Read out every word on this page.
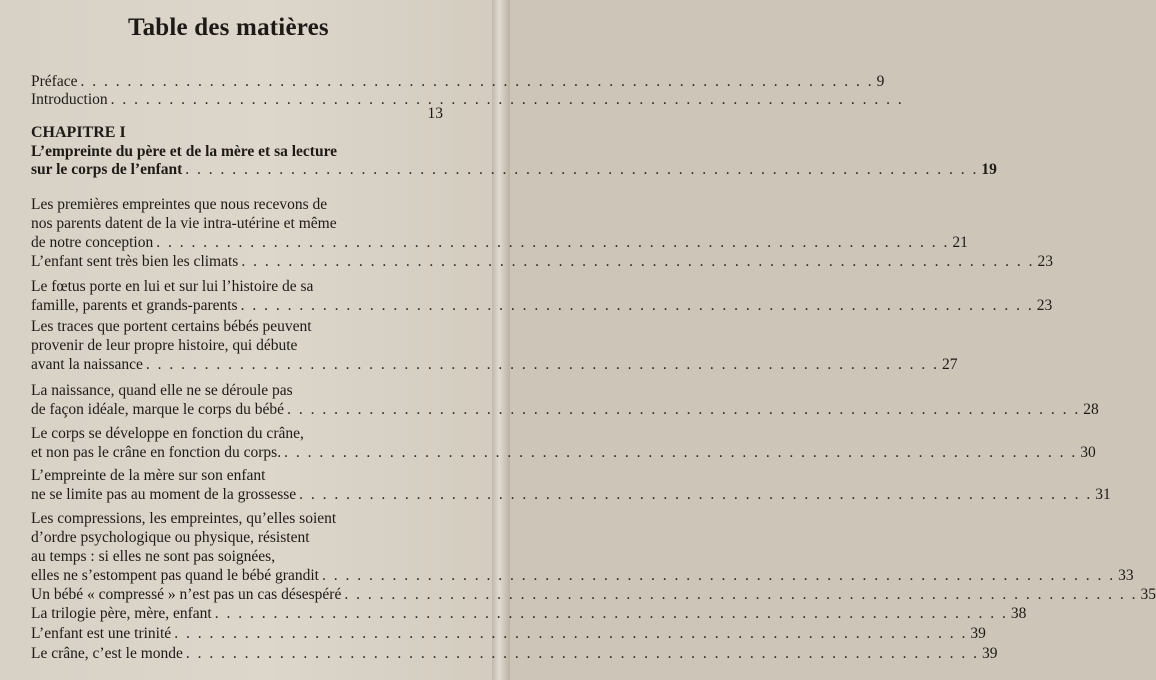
Table des matières
Préface . . . . . . . . . . . . . . . . . . . . . . . . . . . . . . . . . . . . . . . . . . . . . . . . . . . . . . . . . . . . . . . . . . . . 9
Introduction . . . . . . . . . . . . . . . . . . . . . . . . . . . . . . . . . . . . . . . . . . . . . . . . . . . . . . . . . . . . . . . . . . . .
13
CHAPITRE I
L’empreinte du père et de la mère et sa lecture
sur le corps de l’enfant . . . . . . . . . . . . . . . . . . . . . . . . . . . . . . . . . . . . . . . . . . . . . . . . . . . . . . . . . . . . . . . . . . . . 19
Les premières empreintes que nous recevons de
nos parents datent de la vie intra-utérine et même
de notre conception . . . . . . . . . . . . . . . . . . . . . . . . . . . . . . . . . . . . . . . . . . . . . . . . . . . . . . . . . . . . . . . . . . . . 21
L’enfant sent très bien les climats . . . . . . . . . . . . . . . . . . . . . . . . . . . . . . . . . . . . . . . . . . . . . . . . . . . . . . . . . . . . . . . . . . . . 23
Le fœtus porte en lui et sur lui l’histoire de sa
famille, parents et grands-parents . . . . . . . . . . . . . . . . . . . . . . . . . . . . . . . . . . . . . . . . . . . . . . . . . . . . . . . . . . . . . . . . . . . . 23
Les traces que portent certains bébés peuvent
provenir de leur propre histoire, qui débute
avant la naissance . . . . . . . . . . . . . . . . . . . . . . . . . . . . . . . . . . . . . . . . . . . . . . . . . . . . . . . . . . . . . . . . . . . . 27
La naissance, quand elle ne se déroule pas
de façon idéale, marque le corps du bébé . . . . . . . . . . . . . . . . . . . . . . . . . . . . . . . . . . . . . . . . . . . . . . . . . . . . . . . . . . . . . . . . . . . . 28
Le corps se développe en fonction du crâne,
et non pas le crâne en fonction du corps. . . . . . . . . . . . . . . . . . . . . . . . . . . . . . . . . . . . . . . . . . . . . . . . . . . . . . . . . . . . . . . . . . . . . 30
L’empreinte de la mère sur son enfant
ne se limite pas au moment de la grossesse . . . . . . . . . . . . . . . . . . . . . . . . . . . . . . . . . . . . . . . . . . . . . . . . . . . . . . . . . . . . . . . . . . . . 31
Les compressions, les empreintes, qu’elles soient
d’ordre psychologique ou physique, résistent
au temps : si elles ne sont pas soignées,
elles ne s’estompent pas quand le bébé grandit . . . . . . . . . . . . . . . . . . . . . . . . . . . . . . . . . . . . . . . . . . . . . . . . . . . . . . . . . . . . . . . . . . . . 33
Un bébé « compressé » n’est pas un cas désespéré . . . . . . . . . . . . . . . . . . . . . . . . . . . . . . . . . . . . . . . . . . . . . . . . . . . . . . . . . . . . . . . . . . . . 35
La trilogie père, mère, enfant . . . . . . . . . . . . . . . . . . . . . . . . . . . . . . . . . . . . . . . . . . . . . . . . . . . . . . . . . . . . . . . . . . . . 38
L’enfant est une trinité . . . . . . . . . . . . . . . . . . . . . . . . . . . . . . . . . . . . . . . . . . . . . . . . . . . . . . . . . . . . . . . . . . . . 39
Le crâne, c’est le monde . . . . . . . . . . . . . . . . . . . . . . . . . . . . . . . . . . . . . . . . . . . . . . . . . . . . . . . . . . . . . . . . . . . . 39
